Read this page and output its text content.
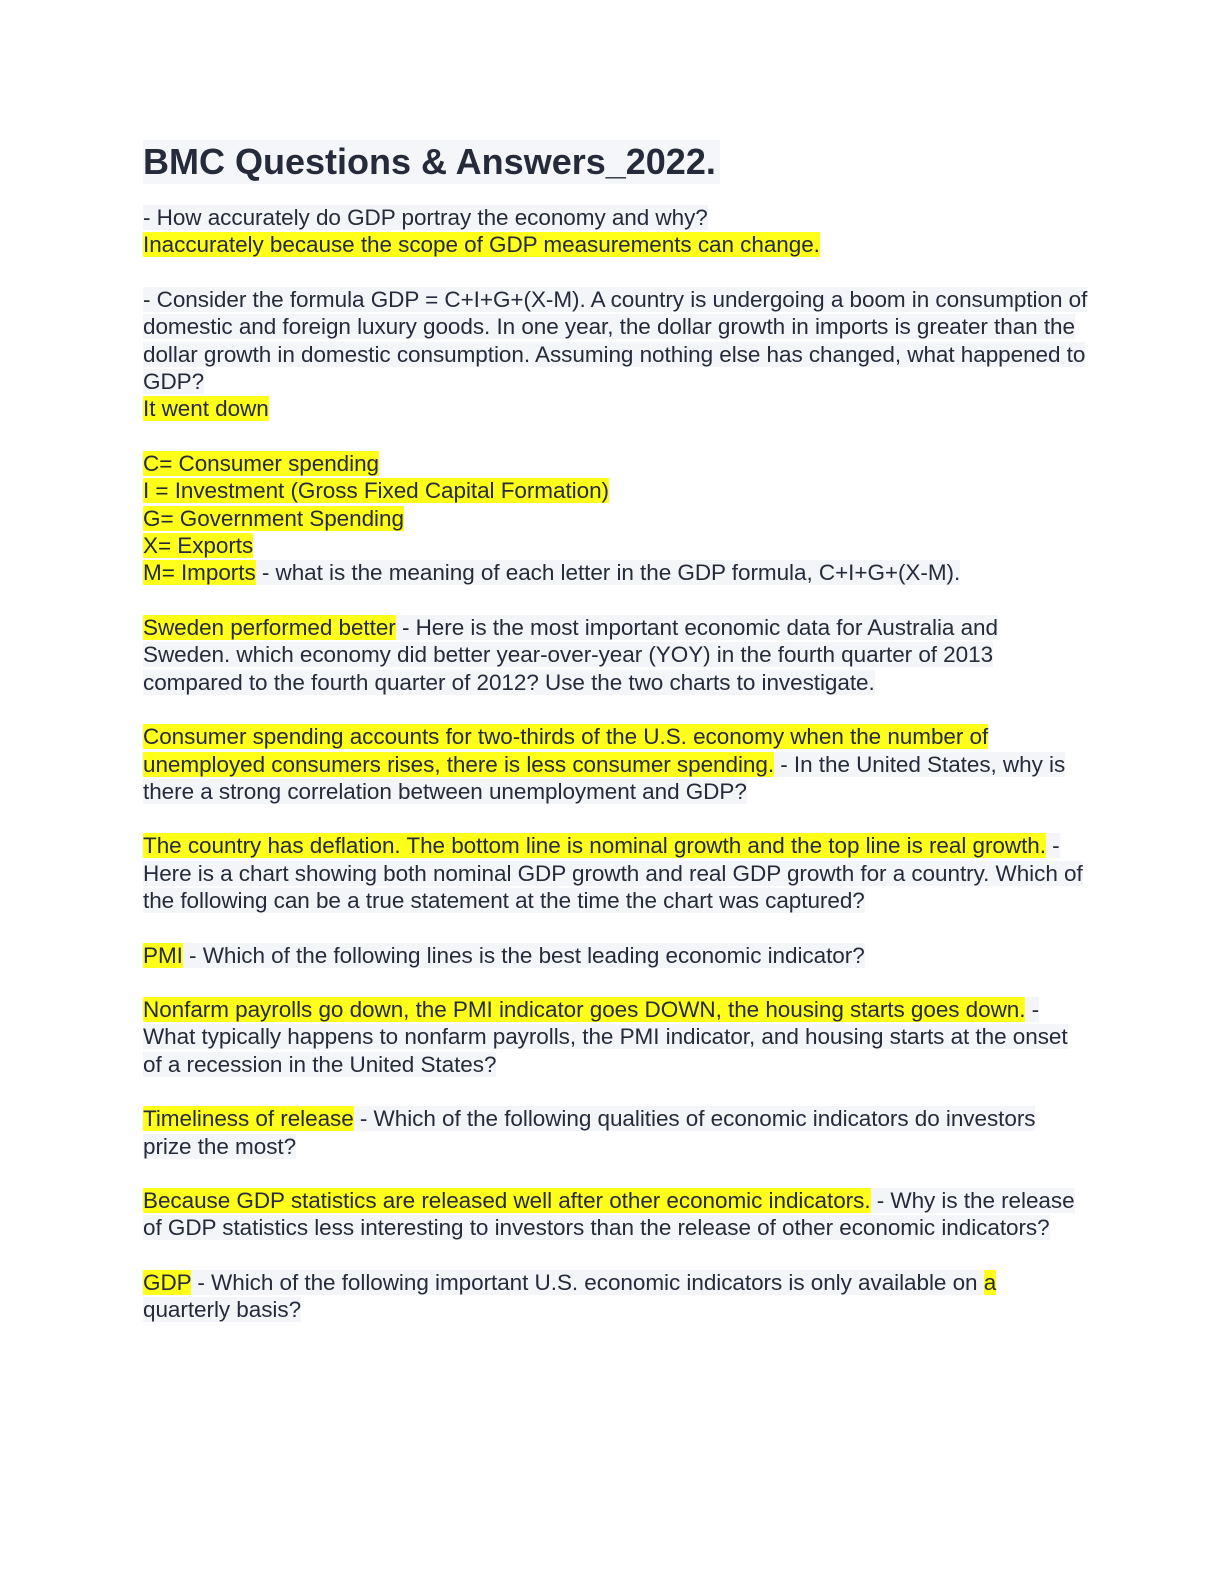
BMC Questions & Answers_2022.
- How accurately do GDP portray the economy and why?
Inaccurately because the scope of GDP measurements can change.
- Consider the formula GDP = C+I+G+(X-M). A country is undergoing a boom in consumption of domestic and foreign luxury goods. In one year, the dollar growth in imports is greater than the dollar growth in domestic consumption. Assuming nothing else has changed, what happened to GDP?
It went down
C= Consumer spending
I = Investment (Gross Fixed Capital Formation)
G= Government Spending
X= Exports
M= Imports - what is the meaning of each letter in the GDP formula, C+I+G+(X-M).
Sweden performed better - Here is the most important economic data for Australia and Sweden. which economy did better year-over-year (YOY) in the fourth quarter of 2013 compared to the fourth quarter of 2012? Use the two charts to investigate.
Consumer spending accounts for two-thirds of the U.S. economy when the number of unemployed consumers rises, there is less consumer spending. - In the United States, why is there a strong correlation between unemployment and GDP?
The country has deflation. The bottom line is nominal growth and the top line is real growth. - Here is a chart showing both nominal GDP growth and real GDP growth for a country. Which of the following can be a true statement at the time the chart was captured?
PMI - Which of the following lines is the best leading economic indicator?
Nonfarm payrolls go down, the PMI indicator goes DOWN, the housing starts goes down. - What typically happens to nonfarm payrolls, the PMI indicator, and housing starts at the onset of a recession in the United States?
Timeliness of release - Which of the following qualities of economic indicators do investors prize the most?
Because GDP statistics are released well after other economic indicators. - Why is the release of GDP statistics less interesting to investors than the release of other economic indicators?
GDP - Which of the following important U.S. economic indicators is only available on a quarterly basis?
